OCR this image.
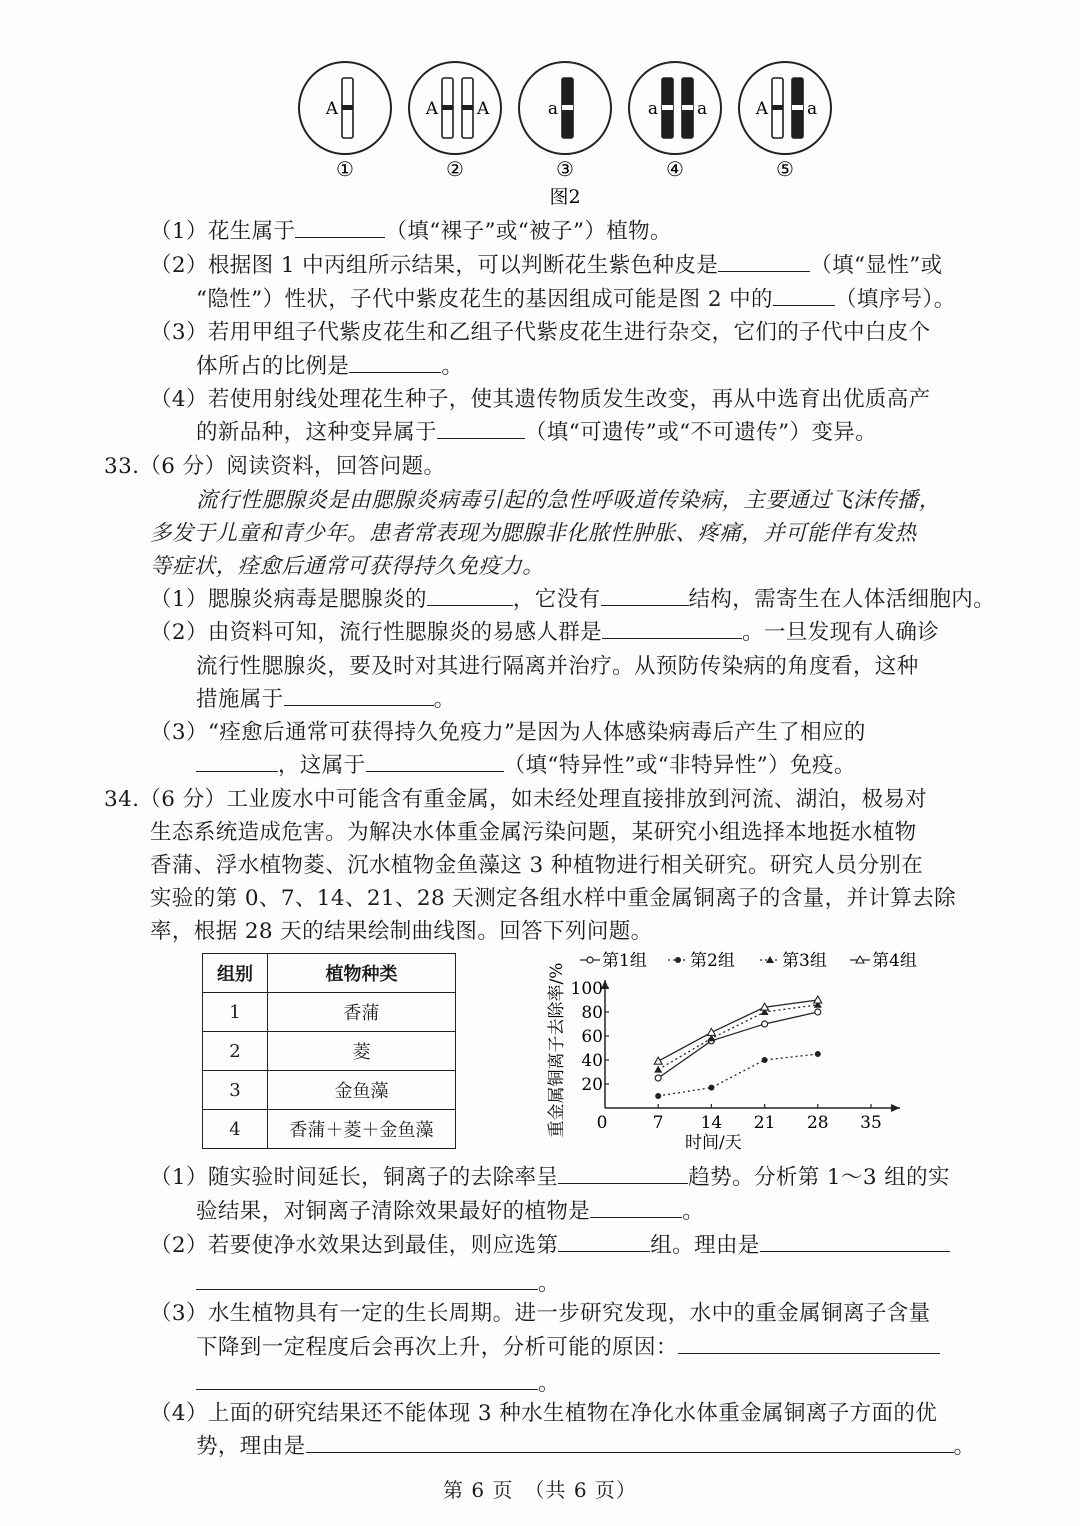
A
①
A A
②
a
③
a a
④
A a
⑤
图2
（1）花生属于	（填“裸子”或“被子”）植物。
（2）根据图 1 中丙组所示结果，可以判断花生紫色种皮是	（填“显性”或
“隐性”）性状，子代中紫皮花生的基因组成可能是图 2 中的	（填序号）。
（3）若用甲组子代紫皮花生和乙组子代紫皮花生进行杂交，它们的子代中白皮个
体所占的比例是	。
（4）若使用射线处理花生种子，使其遗传物质发生改变，再从中选育出优质高产
的新品种，这种变异属于	（填“可遗传”或“不可遗传”）变异。
33.（6 分）阅读资料，回答问题。
流行性腮腺炎是由腮腺炎病毒引起的急性呼吸道传染病，主要通过飞沫传播，
多发于儿童和青少年。患者常表现为腮腺非化脓性肿胀、疼痛，并可能伴有发热
等症状，痊愈后通常可获得持久免疫力。
（1）腮腺炎病毒是腮腺炎的	，它没有	结构，需寄生在人体活细胞内。
（2）由资料可知，流行性腮腺炎的易感人群是	。一旦发现有人确诊
流行性腮腺炎，要及时对其进行隔离并治疗。从预防传染病的角度看，这种
措施属于	。
（3）“痊愈后通常可获得持久免疫力”是因为人体感染病毒后产生了相应的
，这属于	（填“特异性”或“非特异性”）免疫。
34.（6 分）工业废水中可能含有重金属，如未经处理直接排放到河流、湖泊，极易对
生态系统造成危害。为解决水体重金属污染问题，某研究小组选择本地挺水植物
香蒲、浮水植物菱、沉水植物金鱼藻这 3 种植物进行相关研究。研究人员分别在
实验的第 0、7、14、21、28 天测定各组水样中重金属铜离子的含量，并计算去除
率，根据 28 天的结果绘制曲线图。回答下列问题。
组别	植物种类
1	香蒲
2	菱
3	金鱼藻
4	香蒲＋菱＋金鱼藻	0	7 14 21 28 35
20
40
60
80
100
时间/天
重金属铜离子去除率/%
第1组	第2组	第3组	第4组
（1）随实验时间延长，铜离子的去除率呈	趋势。分析第 1～3 组的实
验结果，对铜离子清除效果最好的植物是	。
（2）若要使净水效果达到最佳，则应选第	组。理由是
。
（3）水生植物具有一定的生长周期。进一步研究发现，水中的重金属铜离子含量
下降到一定程度后会再次上升，分析可能的原因：
。
（4）上面的研究结果还不能体现 3 种水生植物在净化水体重金属铜离子方面的优
势，理由是	。
第 6 页　（共 6 页）
